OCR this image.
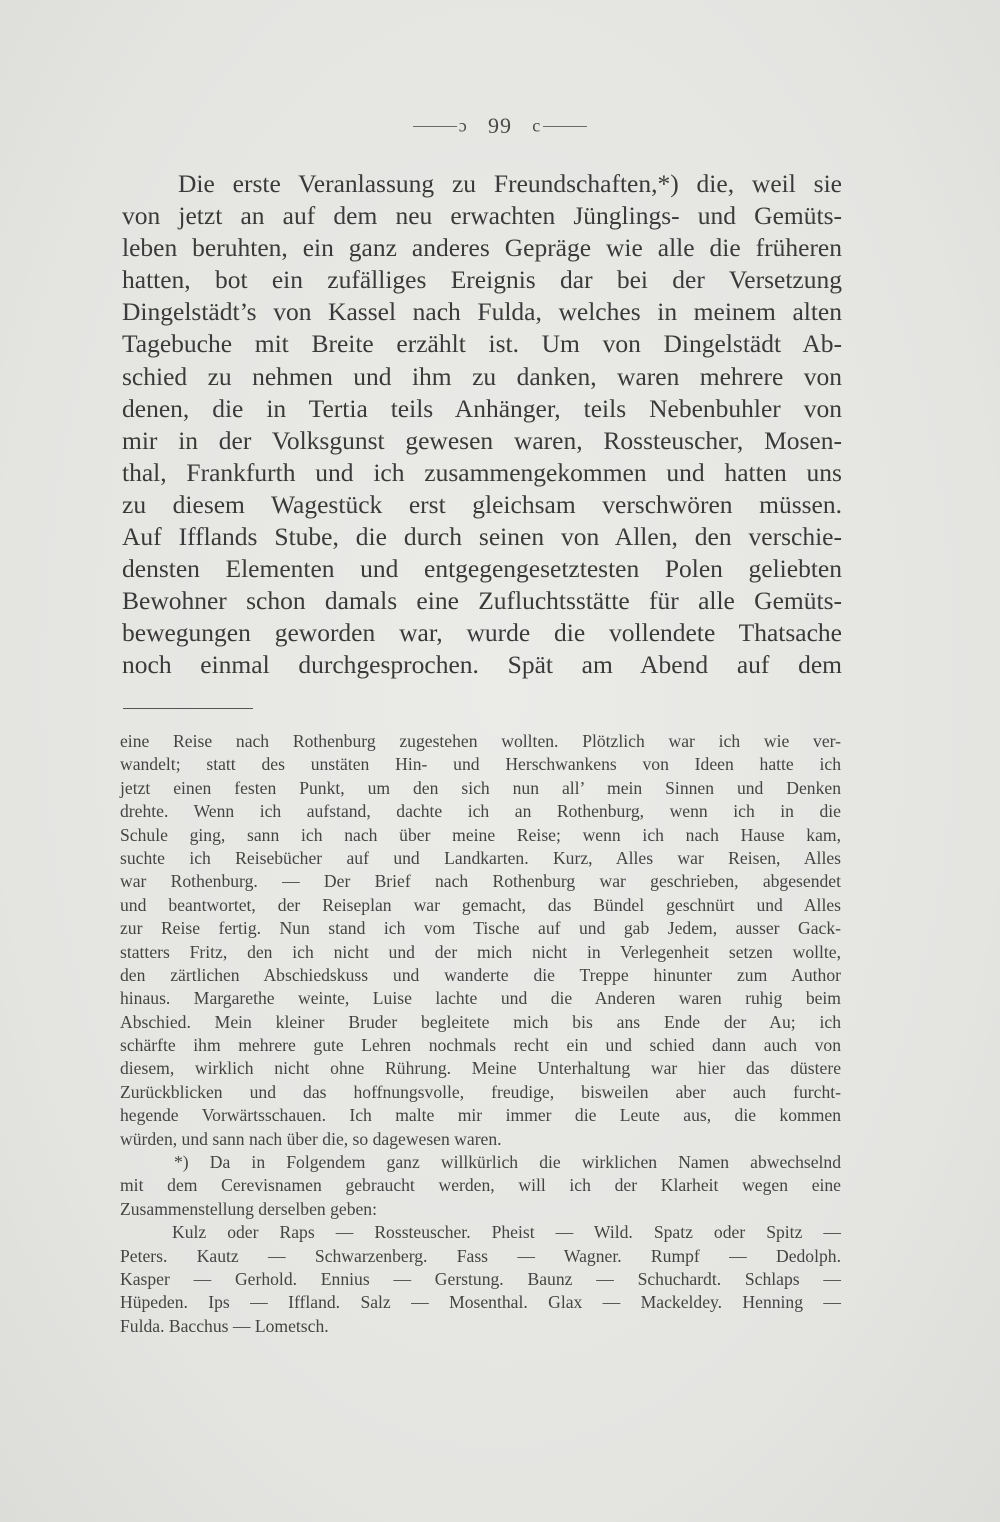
ɔ 99 c
Die erste Veranlassung zu Freundschaften,*) die, weil sie
von jetzt an auf dem neu erwachten Jünglings- und Gemüts-
leben beruhten, ein ganz anderes Gepräge wie alle die früheren
hatten, bot ein zufälliges Ereignis dar bei der Versetzung
Dingelstädt’s von Kassel nach Fulda, welches in meinem alten
Tagebuche mit Breite erzählt ist. Um von Dingelstädt Ab-
schied zu nehmen und ihm zu danken, waren mehrere von
denen, die in Tertia teils Anhänger, teils Nebenbuhler von
mir in der Volksgunst gewesen waren, Rossteuscher, Mosen-
thal, Frankfurth und ich zusammengekommen und hatten uns
zu diesem Wagestück erst gleichsam verschwören müssen.
Auf Ifflands Stube, die durch seinen von Allen, den verschie-
densten Elementen und entgegengesetztesten Polen geliebten
Bewohner schon damals eine Zufluchtsstätte für alle Gemüts-
bewegungen geworden war, wurde die vollendete Thatsache
noch einmal durchgesprochen. Spät am Abend auf dem
eine Reise nach Rothenburg zugestehen wollten. Plötzlich war ich wie ver-
wandelt; statt des unstäten Hin- und Herschwankens von Ideen hatte ich
jetzt einen festen Punkt, um den sich nun all’ mein Sinnen und Denken
drehte. Wenn ich aufstand, dachte ich an Rothenburg, wenn ich in die
Schule ging, sann ich nach über meine Reise; wenn ich nach Hause kam,
suchte ich Reisebücher auf und Landkarten. Kurz, Alles war Reisen, Alles
war Rothenburg. — Der Brief nach Rothenburg war geschrieben, abgesendet
und beantwortet, der Reiseplan war gemacht, das Bündel geschnürt und Alles
zur Reise fertig. Nun stand ich vom Tische auf und gab Jedem, ausser Gack-
statters Fritz, den ich nicht und der mich nicht in Verlegenheit setzen wollte,
den zärtlichen Abschiedskuss und wanderte die Treppe hinunter zum Author
hinaus. Margarethe weinte, Luise lachte und die Anderen waren ruhig beim
Abschied. Mein kleiner Bruder begleitete mich bis ans Ende der Au; ich
schärfte ihm mehrere gute Lehren nochmals recht ein und schied dann auch von
diesem, wirklich nicht ohne Rührung. Meine Unterhaltung war hier das düstere
Zurückblicken und das hoffnungsvolle, freudige, bisweilen aber auch furcht-
hegende Vorwärtsschauen. Ich malte mir immer die Leute aus, die kommen
würden, und sann nach über die, so dagewesen waren.
*) Da in Folgendem ganz willkürlich die wirklichen Namen abwechselnd
mit dem Cerevisnamen gebraucht werden, will ich der Klarheit wegen eine
Zusammenstellung derselben geben:
Kulz oder Raps — Rossteuscher. Pheist — Wild. Spatz oder Spitz —
Peters. Kautz — Schwarzenberg. Fass — Wagner. Rumpf — Dedolph.
Kasper — Gerhold. Ennius — Gerstung. Baunz — Schuchardt. Schlaps —
Hüpeden. Ips — Iffland. Salz — Mosenthal. Glax — Mackeldey. Henning —
Fulda. Bacchus — Lometsch.
